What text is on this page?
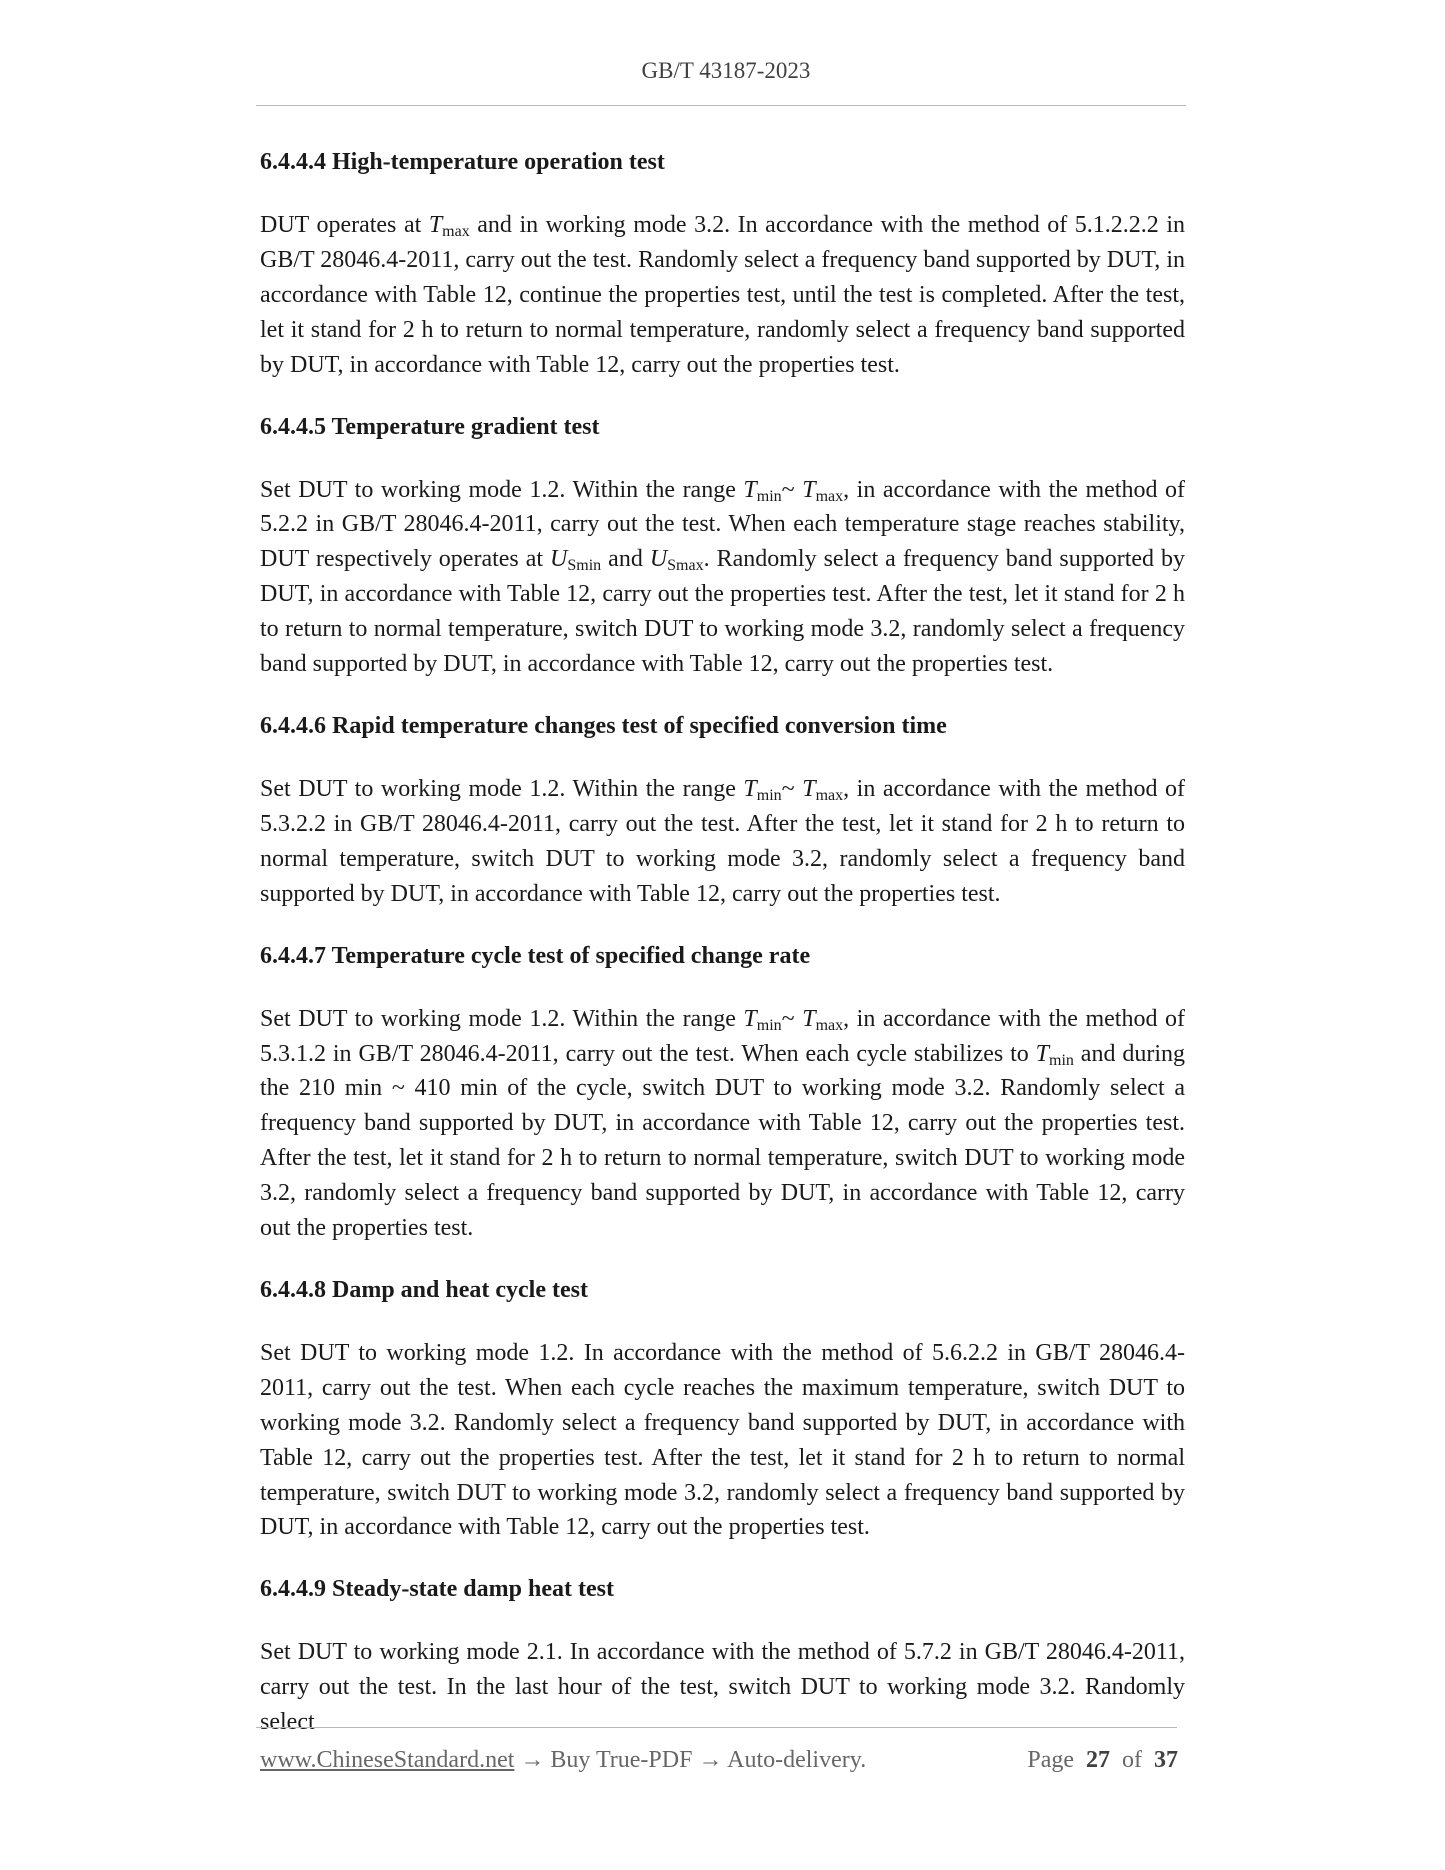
GB/T 43187-2023
6.4.4.4 High-temperature operation test

DUT operates at $T_{max}$ and in working mode 3.2. In accordance with the method of 5.1.2.2.2 in GB/T 28046.4-2011, carry out the test. Randomly select a frequency band supported by DUT, in accordance with Table 12, continue the properties test, until the test is completed. After the test, let it stand for 2 h to return to normal temperature, randomly select a frequency band supported by DUT, in accordance with Table 12, carry out the properties test.

6.4.4.5 Temperature gradient test

Set DUT to working mode 1.2. Within the range $T_{min}\sim$ $T_{max}$, in accordance with the method of 5.2.2 in GB/T 28046.4-2011, carry out the test. When each temperature stage reaches stability, DUT respectively operates at $U_{Smin}$ and $U_{Smax}$. Randomly select a frequency band supported by DUT, in accordance with Table 12, carry out the properties test. After the test, let it stand for 2 h to return to normal temperature, switch DUT to working mode 3.2, randomly select a frequency band supported by DUT, in accordance with Table 12, carry out the properties test.

6.4.4.6 Rapid temperature changes test of specified conversion time

Set DUT to working mode 1.2. Within the range $T_{min}\sim$ $T_{max}$, in accordance with the method of 5.3.2.2 in GB/T 28046.4-2011, carry out the test. After the test, let it stand for 2 h to return to normal temperature, switch DUT to working mode 3.2, randomly select a frequency band supported by DUT, in accordance with Table 12, carry out the properties test.

6.4.4.7 Temperature cycle test of specified change rate

Set DUT to working mode 1.2. Within the range $T_{min}\sim$ $T_{max}$, in accordance with the method of 5.3.1.2 in GB/T 28046.4-2011, carry out the test. When each cycle stabilizes to $T_{min}$ and during the 210 min ~ 410 min of the cycle, switch DUT to working mode 3.2. Randomly select a frequency band supported by DUT, in accordance with Table 12, carry out the properties test. After the test, let it stand for 2 h to return to normal temperature, switch DUT to working mode 3.2, randomly select a frequency band supported by DUT, in accordance with Table 12, carry out the properties test.

6.4.4.8 Damp and heat cycle test

Set DUT to working mode 1.2. In accordance with the method of 5.6.2.2 in GB/T 28046.4-2011, carry out the test. When each cycle reaches the maximum temperature, switch DUT to working mode 3.2. Randomly select a frequency band supported by DUT, in accordance with Table 12, carry out the properties test. After the test, let it stand for 2 h to return to normal temperature, switch DUT to working mode 3.2, randomly select a frequency band supported by DUT, in accordance with Table 12, carry out the properties test.

6.4.4.9 Steady-state damp heat test

Set DUT to working mode 2.1. In accordance with the method of 5.7.2 in GB/T 28046.4-2011, carry out the test. In the last hour of the test, switch DUT to working mode 3.2. Randomly select

www.ChineseStandard.net → Buy True-PDF → Auto-delivery.	Page 27 of 37
